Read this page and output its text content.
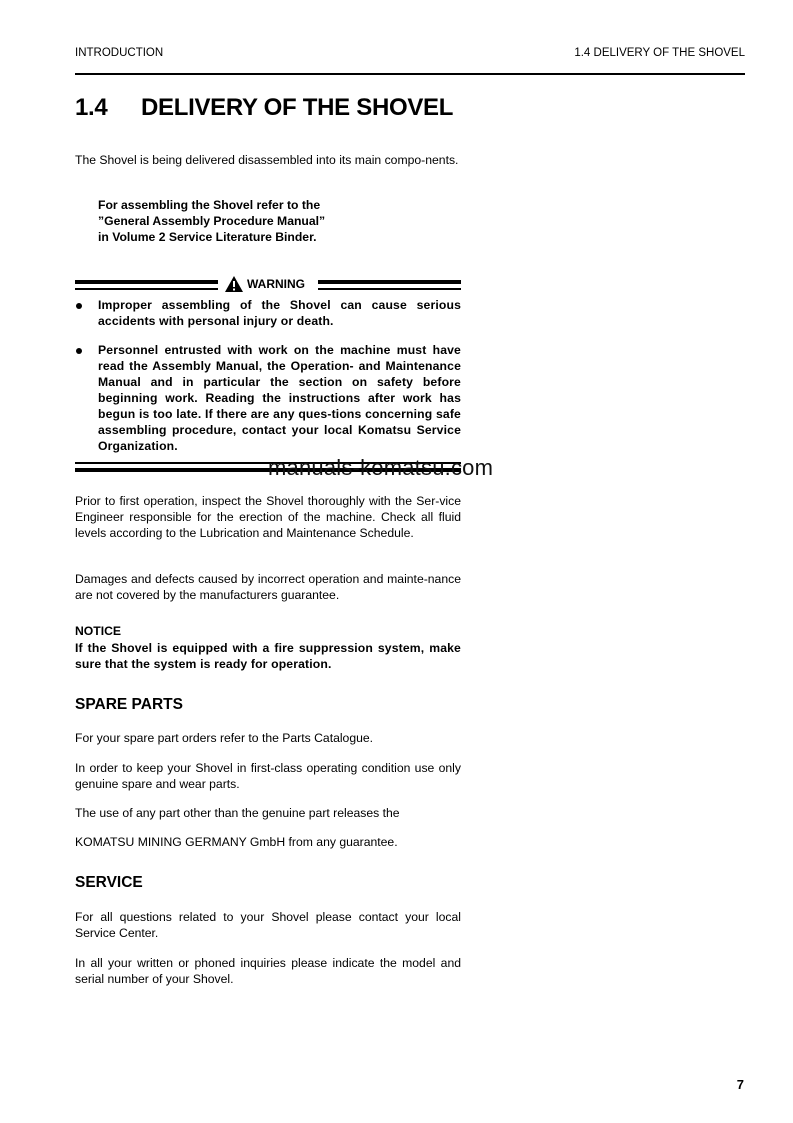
INTRODUCTION	1.4 DELIVERY OF THE SHOVEL
1.4 DELIVERY OF THE SHOVEL

The Shovel is being delivered disassembled into its main compo-nents.

For assembling the Shovel refer to the
”General Assembly Procedure Manual”
in Volume 2 Service Literature Binder.
WARNING
Improper assembling of the Shovel can cause serious accidents with personal injury or death.
Personnel entrusted with work on the machine must have read the Assembly Manual, the Operation- and Maintenance Manual and in particular the section on safety before beginning work. Reading the instructions after work has begun is too late. If there are any ques-tions concerning safe assembling procedure, contact your local Komatsu Service Organization.
manuals-komatsu.com

Prior to first operation, inspect the Shovel thoroughly with the Ser-vice Engineer responsible for the erection of the machine. Check all fluid levels according to the Lubrication and Maintenance Schedule.

Damages and defects caused by incorrect operation and mainte-nance are not covered by the manufacturers guarantee.

NOTICE

If the Shovel is equipped with a fire suppression system, make sure that the system is ready for operation.

SPARE PARTS

For your spare part orders refer to the Parts Catalogue.

In order to keep your Shovel in first-class operating condition use only genuine spare and wear parts.

The use of any part other than the genuine part releases the

KOMATSU MINING GERMANY GmbH from any guarantee.

SERVICE

For all questions related to your Shovel please contact your local Service Center.

In all your written or phoned inquiries please indicate the model and serial number of your Shovel.

7
